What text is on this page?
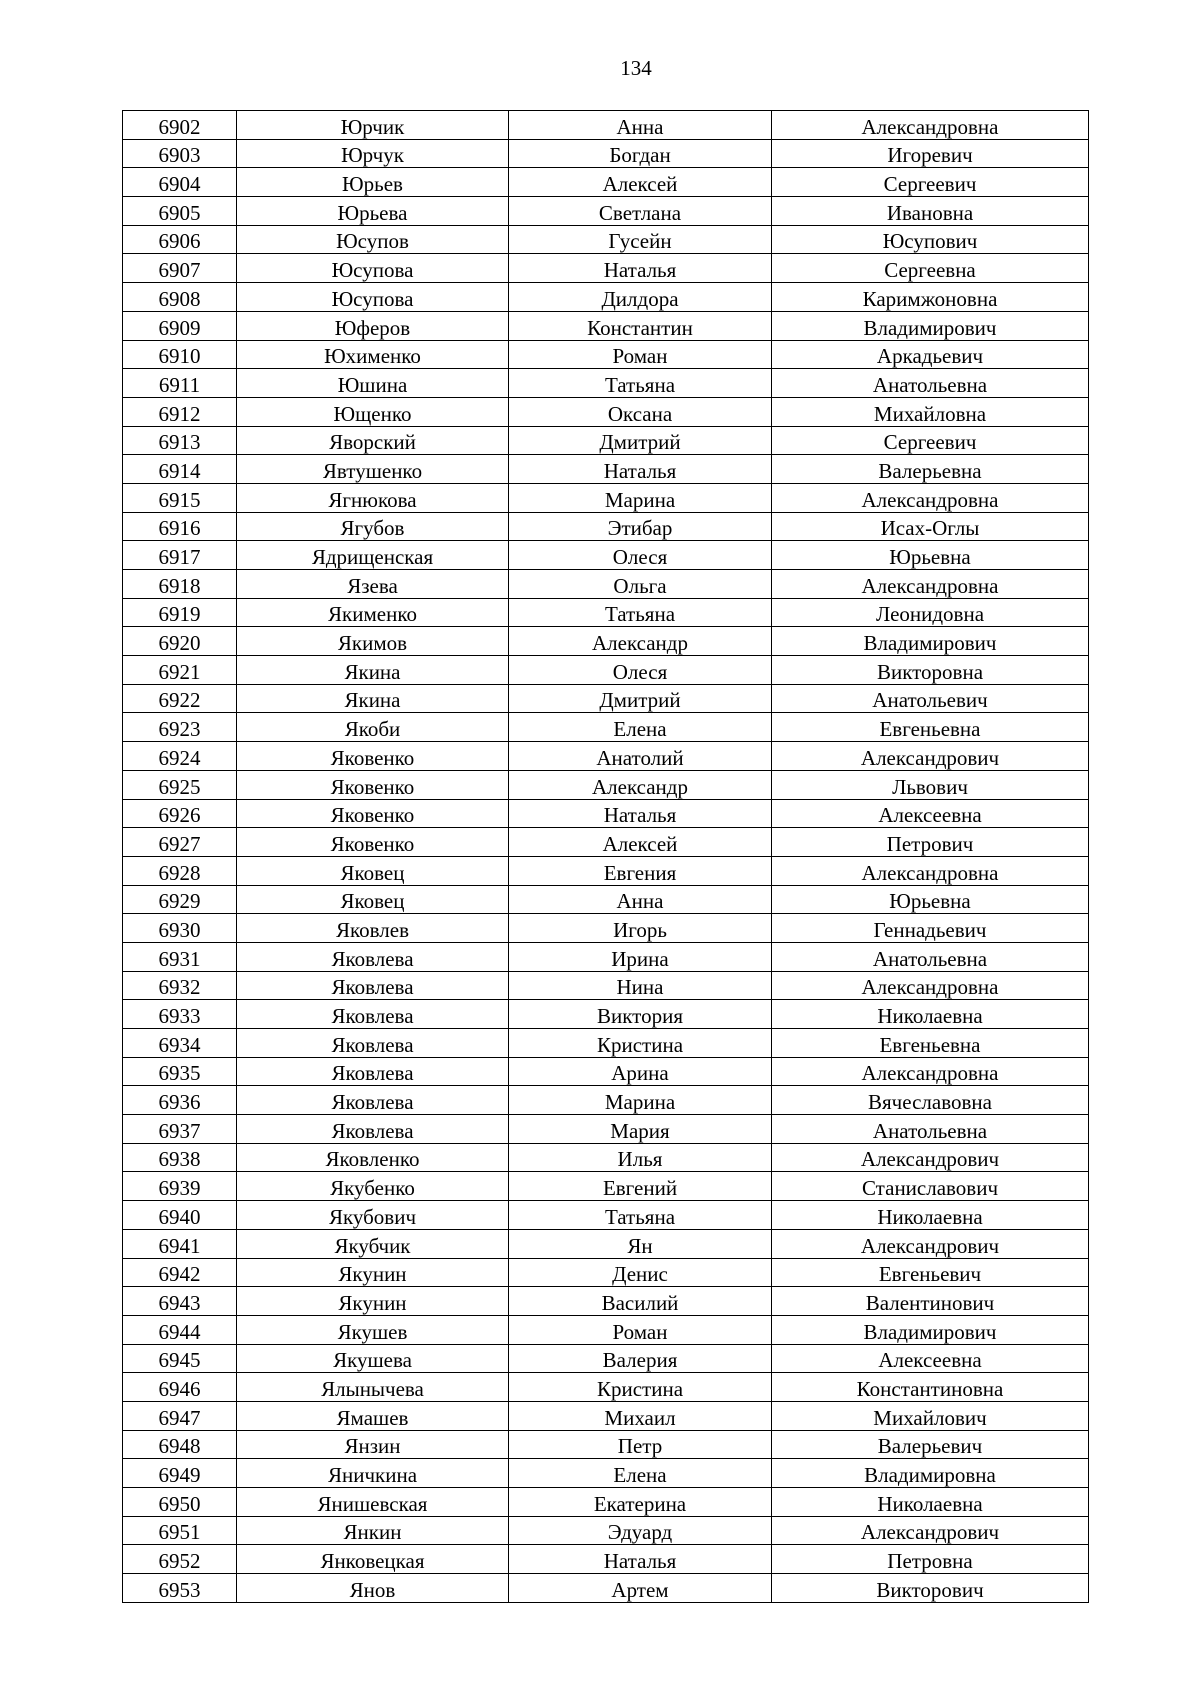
134
6902	Юрчик	Анна	Александровна
6903	Юрчук	Богдан	Игоревич
6904	Юрьев	Алексей	Сергеевич
6905	Юрьева	Светлана	Ивановна
6906	Юсупов	Гусейн	Юсупович
6907	Юсупова	Наталья	Сергеевна
6908	Юсупова	Дилдора	Каримжоновна
6909	Юферов	Константин	Владимирович
6910	Юхименко	Роман	Аркадьевич
6911	Юшина	Татьяна	Анатольевна
6912	Ющенко	Оксана	Михайловна
6913	Яворский	Дмитрий	Сергеевич
6914	Явтушенко	Наталья	Валерьевна
6915	Ягнюкова	Марина	Александровна
6916	Ягубов	Этибар	Исах-Оглы
6917	Ядрищенская	Олеся	Юрьевна
6918	Язева	Ольга	Александровна
6919	Якименко	Татьяна	Леонидовна
6920	Якимов	Александр	Владимирович
6921	Якина	Олеся	Викторовна
6922	Якина	Дмитрий	Анатольевич
6923	Якоби	Елена	Евгеньевна
6924	Яковенко	Анатолий	Александрович
6925	Яковенко	Александр	Львович
6926	Яковенко	Наталья	Алексеевна
6927	Яковенко	Алексей	Петрович
6928	Яковец	Евгения	Александровна
6929	Яковец	Анна	Юрьевна
6930	Яковлев	Игорь	Геннадьевич
6931	Яковлева	Ирина	Анатольевна
6932	Яковлева	Нина	Александровна
6933	Яковлева	Виктория	Николаевна
6934	Яковлева	Кристина	Евгеньевна
6935	Яковлева	Арина	Александровна
6936	Яковлева	Марина	Вячеславовна
6937	Яковлева	Мария	Анатольевна
6938	Яковленко	Илья	Александрович
6939	Якубенко	Евгений	Станиславович
6940	Якубович	Татьяна	Николаевна
6941	Якубчик	Ян	Александрович
6942	Якунин	Денис	Евгеньевич
6943	Якунин	Василий	Валентинович
6944	Якушев	Роман	Владимирович
6945	Якушева	Валерия	Алексеевна
6946	Ялынычева	Кристина	Константиновна
6947	Ямашев	Михаил	Михайлович
6948	Янзин	Петр	Валерьевич
6949	Яничкина	Елена	Владимировна
6950	Янишевская	Екатерина	Николаевна
6951	Янкин	Эдуард	Александрович
6952	Янковецкая	Наталья	Петровна
6953	Янов	Артем	Викторович
